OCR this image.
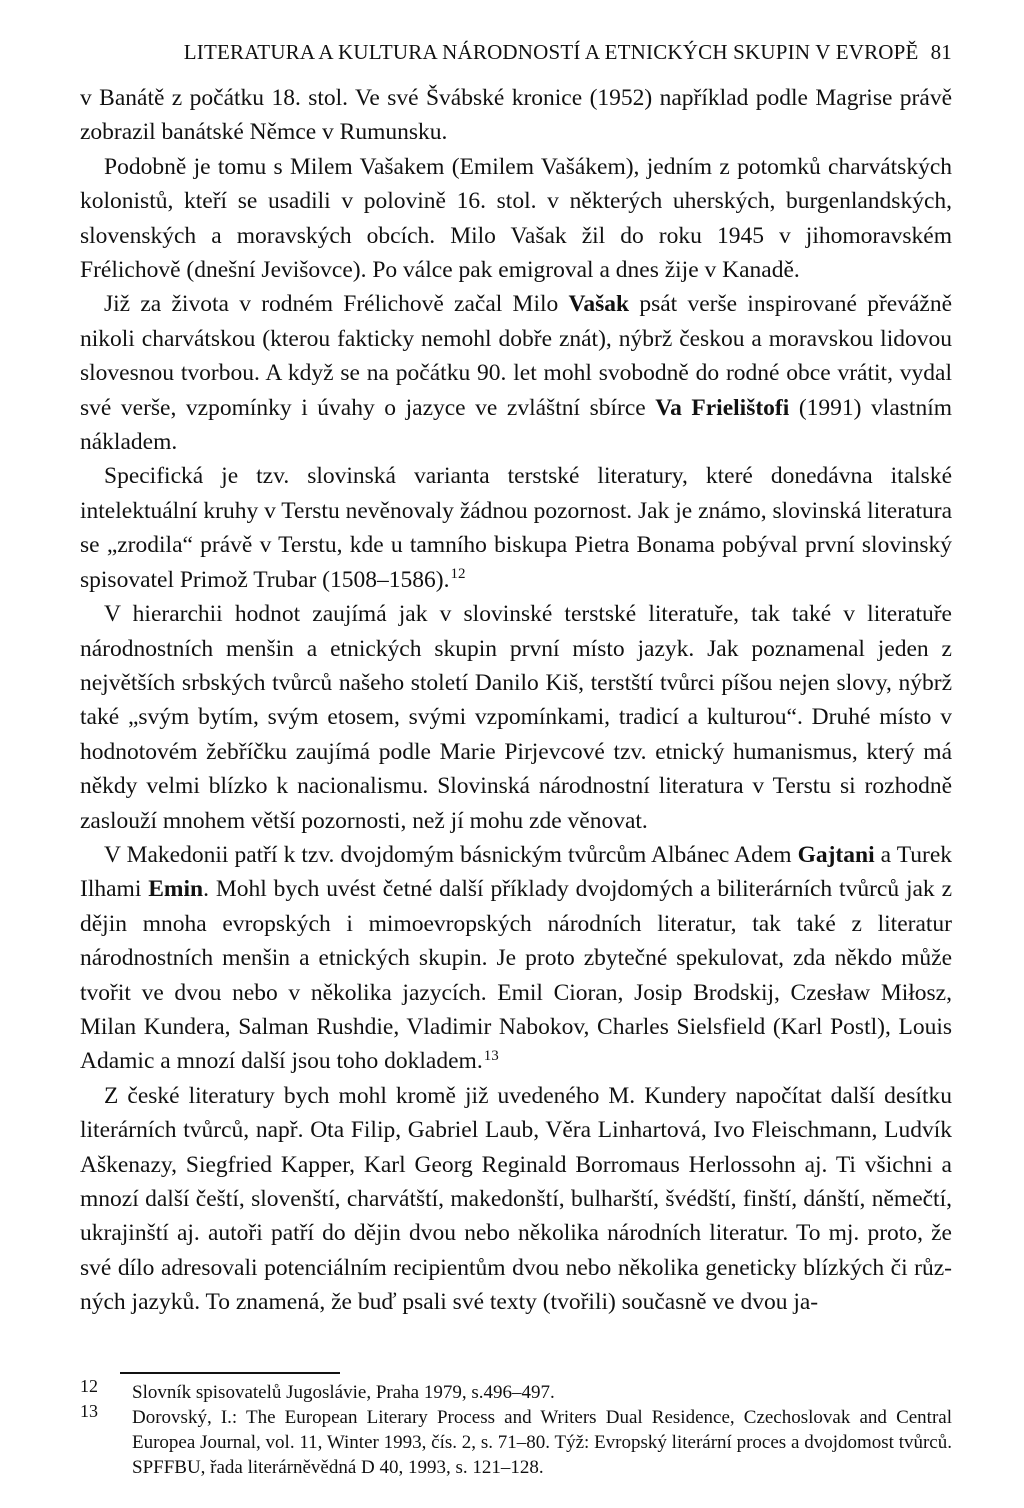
LITERATURA A KULTURA NÁRODNOSTÍ A ETNICKÝCH SKUPIN V EVROPĚ 81

v Banátě z počátku 18. stol. Ve své Švábské kronice (1952) například podle Magrise právě zobrazil banátské Němce v Rumunsku.

Podobně je tomu s Milem Vašakem (Emilem Vašákem), jedním z potomků charvátských kolonistů, kteří se usadili v polovině 16. stol. v některých uherských, burgenlandských, slovenských a moravských obcích. Milo Vašak žil do roku 1945 v jihomoravském Frélichově (dnešní Jevišovce). Po válce pak emigroval a dnes žije v Kanadě.

Již za života v rodném Frélichově začal Milo Vašak psát verše inspirované převážně nikoli charvátskou (kterou fakticky nemohl dobře znát), nýbrž českou a moravskou lidovou slovesnou tvorbou. A když se na počátku 90. let mohl svobodně do rodné obce vrátit, vydal své verše, vzpomínky i úvahy o jazyce ve zvláštní sbírce Va Frielištofi (1991) vlastním nákladem.

Specifická je tzv. slovinská varianta terstské literatury, které donedávna italské intelektuální kruhy v Terstu nevěnovaly žádnou pozornost. Jak je známo, slovinská literatura se „zrodila“ právě v Terstu, kde u tamního biskupa Pietra Bonama pobýval první slovinský spisovatel Primož Trubar (1508–1586).$^{12}$

V hierarchii hodnot zaujímá jak v slovinské terstské literatuře, tak také v literatuře národnostních menšin a etnických skupin první místo jazyk. Jak poznamenal jeden z největších srbských tvůrců našeho století Danilo Kiš, terstští tvůrci píšou nejen slovy, nýbrž také „svým bytím, svým etosem, svými vzpomínkami, tradicí a kulturou“. Druhé místo v hodnotovém žebříčku zaujímá podle Marie Pirjevcové tzv. etnický humanismus, který má někdy velmi blízko k nacionalismu. Slovinská národnostní literatura v Terstu si rozhodně zaslouží mnohem větší pozornosti, než jí mohu zde věnovat.

V Makedonii patří k tzv. dvojdomým básnickým tvůrcům Albánec Adem Gajtani a Turek Ilhami Emin. Mohl bych uvést četné další příklady dvojdomých a biliterárních tvůrců jak z dějin mnoha evropských i mimoevropských národních literatur, tak také z literatur národnostních menšin a etnických skupin. Je proto zbytečné spekulovat, zda někdo může tvořit ve dvou nebo v několika jazycích. Emil Cioran, Josip Brodskij, Czesław Miłosz, Milan Kundera, Salman Rushdie, Vladimir Nabokov, Charles Sielsfield (Karl Postl), Louis Adamic a mnozí další jsou toho dokladem.$^{13}$

Z české literatury bych mohl kromě již uvedeného M. Kundery napočítat další desítku literárních tvůrců, např. Ota Filip, Gabriel Laub, Věra Linhartová, Ivo Fleischmann, Ludvík Aškenazy, Siegfried Kapper, Karl Georg Reginald Borromaus Herlossohn aj. Ti všichni a mnozí další čeští, slovenští, charvátští, makedonští, bulharští, švédští, finští, dánští, němečtí, ukrajinští aj. autoři patří do dějin dvou nebo několika národních literatur. To mj. proto, že své dílo adresovali potenciálním recipientům dvou nebo několika geneticky blízkých či různých jazyků. To znamená, že buď psali své texty (tvořili) současně ve dvou ja-

12	Slovník spisovatelů Jugoslávie, Praha 1979, s.496–497.
13	Dorovský, I.: The European Literary Process and Writers Dual Residence, Czechoslovak and Central Europea Journal, vol. 11, Winter 1993, čís. 2, s. 71–80. Týž: Evropský literární proces a dvojdomost tvůrců. SPFFBU, řada literárněvědná D 40, 1993, s. 121–128.
